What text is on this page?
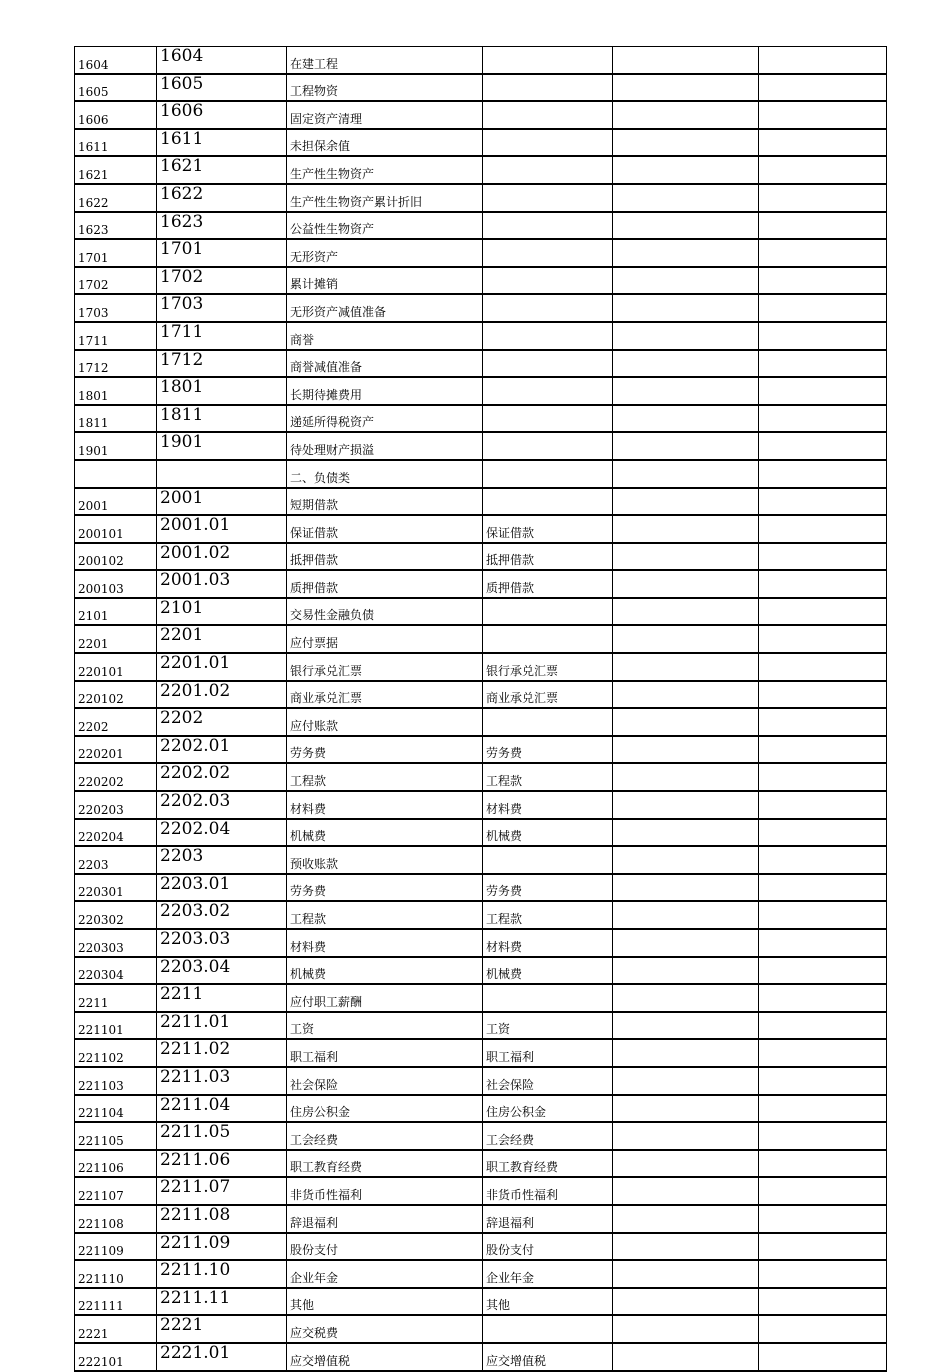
1604	1604	在建工程			
1605	1605	工程物资			
1606	1606	固定资产清理			
1611	1611	未担保余值			
1621	1621	生产性生物资产			
1622	1622	生产性生物资产累计折旧			
1623	1623	公益性生物资产			
1701	1701	无形资产			
1702	1702	累计摊销			
1703	1703	无形资产减值准备			
1711	1711	商誉			
1712	1712	商誉减值准备			
1801	1801	长期待摊费用			
1811	1811	递延所得税资产			
1901	1901	待处理财产损溢			
		二、负债类			
2001	2001	短期借款			
200101	2001.01	保证借款	保证借款		
200102	2001.02	抵押借款	抵押借款		
200103	2001.03	质押借款	质押借款		
2101	2101	交易性金融负债			
2201	2201	应付票据			
220101	2201.01	银行承兑汇票	银行承兑汇票		
220102	2201.02	商业承兑汇票	商业承兑汇票		
2202	2202	应付账款			
220201	2202.01	劳务费	劳务费		
220202	2202.02	工程款	工程款		
220203	2202.03	材料费	材料费		
220204	2202.04	机械费	机械费		
2203	2203	预收账款			
220301	2203.01	劳务费	劳务费		
220302	2203.02	工程款	工程款		
220303	2203.03	材料费	材料费		
220304	2203.04	机械费	机械费		
2211	2211	应付职工薪酬			
221101	2211.01	工资	工资		
221102	2211.02	职工福利	职工福利		
221103	2211.03	社会保险	社会保险		
221104	2211.04	住房公积金	住房公积金		
221105	2211.05	工会经费	工会经费		
221106	2211.06	职工教育经费	职工教育经费		
221107	2211.07	非货币性福利	非货币性福利		
221108	2211.08	辞退福利	辞退福利		
221109	2211.09	股份支付	股份支付		
221110	2211.10	企业年金	企业年金		
221111	2211.11	其他	其他		
2221	2221	应交税费			
222101	2221.01	应交增值税	应交增值税		
